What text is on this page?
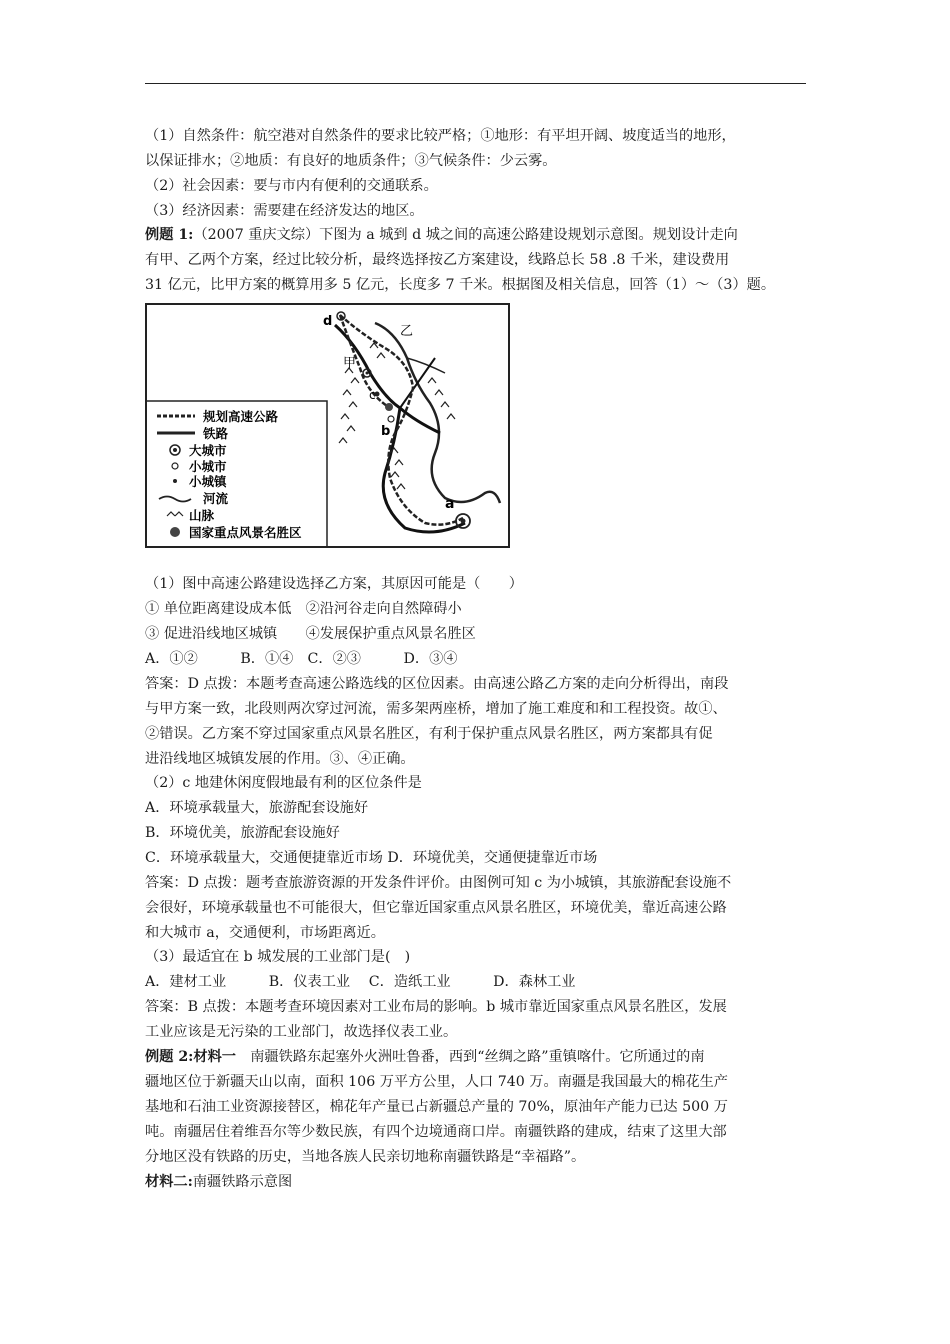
（1）自然条件：航空港对自然条件的要求比较严格；①地形：有平坦开阔、坡度适当的地形，
以保证排水；②地质：有良好的地质条件；③气候条件：少云雾。
（2）社会因素：要与市内有便利的交通联系。
（3）经济因素：需要建在经济发达的地区。
例题 1:（2007 重庆文综）下图为 a 城到 d 城之间的高速公路建设规划示意图。规划设计走向
有甲、乙两个方案，经过比较分析，最终选择按乙方案建设，线路总长 58 .8 千米，建设费用
31 亿元，比甲方案的概算用多 5 亿元，长度多 7 千米。根据图及相关信息，回答（1）～（3）题。
规划高速公路
铁路
大城市
小城市
小城镇
河流
山脉
国家重点风景名胜区
d
乙
甲
c
b
a
（1）图中高速公路建设选择乙方案，其原因可能是（　　）
① 单位距离建设成本低　②沿河谷走向自然障碍小
③ 促进沿线地区城镇　　④发展保护重点风景名胜区
A．①②　　　B．①④　C．②③　　　D．③④
答案：D 点拨：本题考查高速公路选线的区位因素。由高速公路乙方案的走向分析得出，南段
与甲方案一致，北段则两次穿过河流，需多架两座桥，增加了施工难度和和工程投资。故①、
②错误。乙方案不穿过国家重点风景名胜区，有利于保护重点风景名胜区，两方案都具有促
进沿线地区城镇发展的作用。③、④正确。
（2）c 地建休闲度假地最有利的区位条件是
A．环境承载量大，旅游配套设施好
B．环境优美，旅游配套设施好
C．环境承载量大，交通便捷靠近市场 D．环境优美，交通便捷靠近市场
答案：D 点拨：题考查旅游资源的开发条件评价。由图例可知 c 为小城镇，其旅游配套设施不
会很好，环境承载量也不可能很大，但它靠近国家重点风景名胜区，环境优美，靠近高速公路
和大城市 a，交通便利，市场距离近。
（3）最适宜在 b 城发展的工业部门是(　)
A．建材工业　　　B．仪表工业　 C．造纸工业　　　D．森林工业
答案：B 点拨：本题考查环境因素对工业布局的影响。b 城市靠近国家重点风景名胜区，发展
工业应该是无污染的工业部门，故选择仪表工业。
例题 2:材料一　南疆铁路东起塞外火洲吐鲁番，西到“丝绸之路”重镇喀什。它所通过的南
疆地区位于新疆天山以南，面积 106 万平方公里，人口 740 万。南疆是我国最大的棉花生产
基地和石油工业资源接替区，棉花年产量已占新疆总产量的 70%，原油年产能力已达 500 万
吨。南疆居住着维吾尔等少数民族，有四个边境通商口岸。南疆铁路的建成，结束了这里大部
分地区没有铁路的历史，当地各族人民亲切地称南疆铁路是“幸福路”。
材料二:南疆铁路示意图
